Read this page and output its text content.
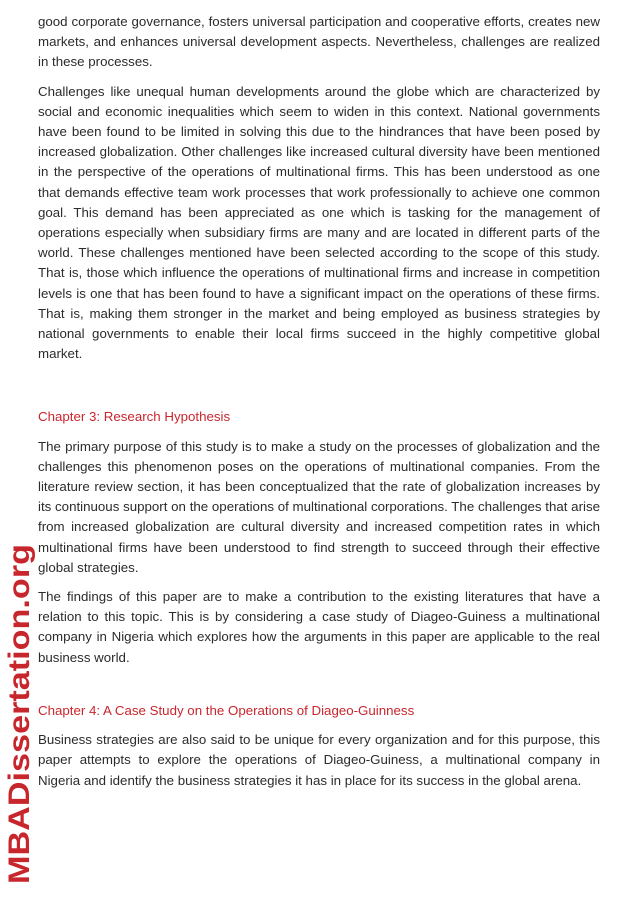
good corporate governance, fosters universal participation and cooperative efforts, creates new markets, and enhances universal development aspects. Nevertheless, challenges are realized in these processes.

Challenges like unequal human developments around the globe which are characterized by social and economic inequalities which seem to widen in this context. National governments have been found to be limited in solving this due to the hindrances that have been posed by increased globalization. Other challenges like increased cultural diversity have been mentioned in the perspective of the operations of multinational firms. This has been understood as one that demands effective team work processes that work professionally to achieve one common goal. This demand has been appreciated as one which is tasking for the management of operations especially when subsidiary firms are many and are located in different parts of the world. These challenges mentioned have been selected according to the scope of this study. That is, those which influence the operations of multinational firms and increase in competition levels is one that has been found to have a significant impact on the operations of these firms. That is, making them stronger in the market and being employed as business strategies by national governments to enable their local firms succeed in the highly competitive global market.

Chapter 3: Research Hypothesis

The primary purpose of this study is to make a study on the processes of globalization and the challenges this phenomenon poses on the operations of multinational companies. From the literature review section, it has been conceptualized that the rate of globalization increases by its continuous support on the operations of multinational corporations. The challenges that arise from increased globalization are cultural diversity and increased competition rates in which multinational firms have been understood to find strength to succeed through their effective global strategies.

The findings of this paper are to make a contribution to the existing literatures that have a relation to this topic. This is by considering a case study of Diageo-Guiness a multinational company in Nigeria which explores how the arguments in this paper are applicable to the real business world.

Chapter 4: A Case Study on the Operations of Diageo-Guinness

Business strategies are also said to be unique for every organization and for this purpose, this paper attempts to explore the operations of Diageo-Guiness, a multinational company in Nigeria and identify the business strategies it has in place for its success in the global arena.

MBADissertation.org
